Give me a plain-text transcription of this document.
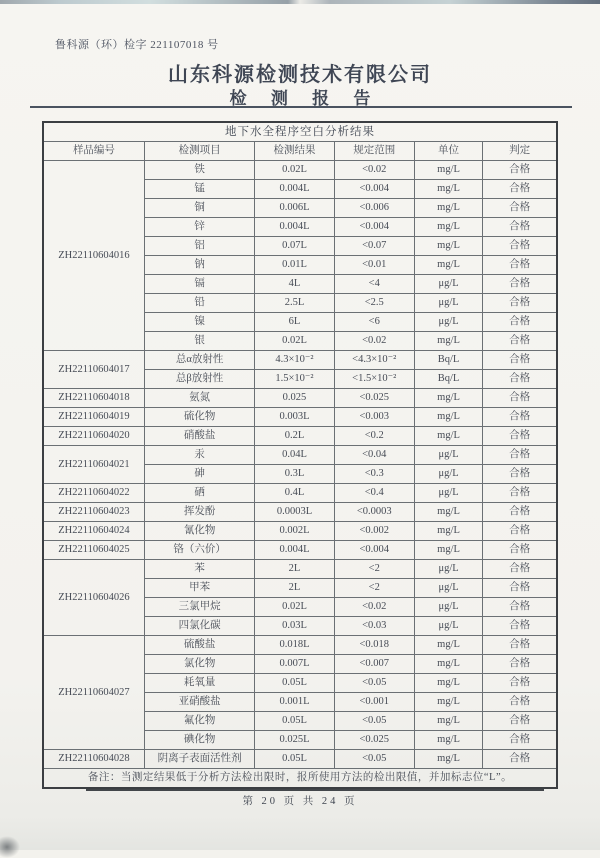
鲁科源（环）检字 221107018 号
山东科源检测技术有限公司
检 测 报 告
地下水全程序空白分析结果					
样品编号	检测项目	检测结果	规定范围	单位	判定
ZH22110604016	铁	0.02L	<0.02	mg/L	合格
	锰	0.004L	<0.004	mg/L	合格
	铜	0.006L	<0.006	mg/L	合格
	锌	0.004L	<0.004	mg/L	合格
	铝	0.07L	<0.07	mg/L	合格
	钠	0.01L	<0.01	mg/L	合格
	镉	4L	<4	μg/L	合格
	铅	2.5L	<2.5	μg/L	合格
	镍	6L	<6	μg/L	合格
	银	0.02L	<0.02	mg/L	合格
ZH22110604017	总α放射性	4.3×10⁻²	<4.3×10⁻²	Bq/L	合格
	总β放射性	1.5×10⁻²	<1.5×10⁻²	Bq/L	合格
ZH22110604018	氨氮	0.025	<0.025	mg/L	合格
ZH22110604019	硫化物	0.003L	<0.003	mg/L	合格
ZH22110604020	硝酸盐	0.2L	<0.2	mg/L	合格
ZH22110604021	汞	0.04L	<0.04	μg/L	合格
	砷	0.3L	<0.3	μg/L	合格
ZH22110604022	硒	0.4L	<0.4	μg/L	合格
ZH22110604023	挥发酚	0.0003L	<0.0003	mg/L	合格
ZH22110604024	氰化物	0.002L	<0.002	mg/L	合格
ZH22110604025	铬（六价）	0.004L	<0.004	mg/L	合格
ZH22110604026	苯	2L	<2	μg/L	合格
	甲苯	2L	<2	μg/L	合格
	三氯甲烷	0.02L	<0.02	μg/L	合格
	四氯化碳	0.03L	<0.03	μg/L	合格
ZH22110604027	硫酸盐	0.018L	<0.018	mg/L	合格
	氯化物	0.007L	<0.007	mg/L	合格
	耗氧量	0.05L	<0.05	mg/L	合格
	亚硝酸盐	0.001L	<0.001	mg/L	合格
	氟化物	0.05L	<0.05	mg/L	合格
	碘化物	0.025L	<0.025	mg/L	合格
ZH22110604028	阴离子表面活性剂	0.05L	<0.05	mg/L	合格
备注：当测定结果低于分析方法检出限时，报所使用方法的检出限值，并加标志位“L”。					
第 20 页 共 24 页
